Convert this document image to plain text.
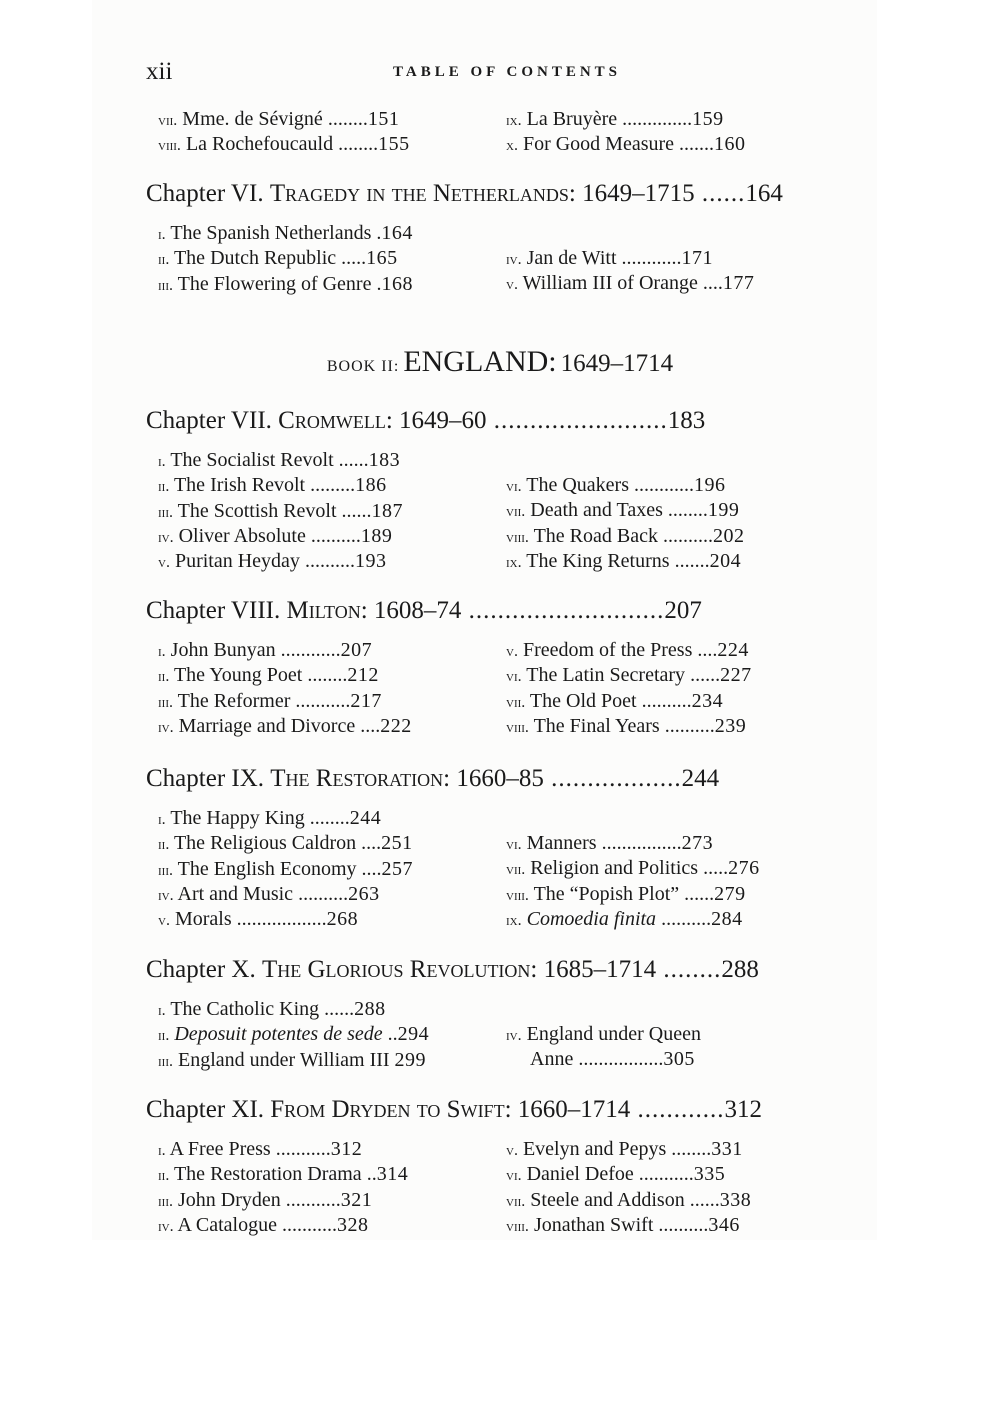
xii	TABLE OF CONTENTS
vii. Mme. de Sévigné ........151
viii. La Rochefoucauld ........155
ix. La Bruyère ..............159
x. For Good Measure .......160
Chapter VI. Tragedy in the Netherlands: 1649–1715 ......164
i. The Spanish Netherlands .164
ii. The Dutch Republic .....165
iii. The Flowering of Genre .168
iv. Jan de Witt ............171
v. William III of Orange ....177
BOOK II: ENGLAND: 1649–1714
Chapter VII. Cromwell: 1649–60 ........................183
i. The Socialist Revolt ......183
ii. The Irish Revolt .........186
iii. The Scottish Revolt ......187
iv. Oliver Absolute ..........189
v. Puritan Heyday ..........193
vi. The Quakers ............196
vii. Death and Taxes ........199
viii. The Road Back ..........202
ix. The King Returns .......204
Chapter VIII. Milton: 1608–74 ...........................207
i. John Bunyan ............207
ii. The Young Poet ........212
iii. The Reformer ...........217
iv. Marriage and Divorce ....222
v. Freedom of the Press ....224
vi. The Latin Secretary ......227
vii. The Old Poet ..........234
viii. The Final Years ..........239
Chapter IX. The Restoration: 1660–85 ..................244
i. The Happy King ........244
ii. The Religious Caldron ....251
iii. The English Economy ....257
iv. Art and Music ..........263
v. Morals ..................268
vi. Manners ................273
vii. Religion and Politics .....276
viii. The “Popish Plot” ......279
ix. Comoedia finita ..........284
Chapter X. The Glorious Revolution: 1685–1714 ........288
i. The Catholic King ......288
ii. Deposuit potentes de sede ..294
iii. England under William III 299
iv. England under Queen
Anne .................305
Chapter XI. From Dryden to Swift: 1660–1714 ............312
i. A Free Press ...........312
ii. The Restoration Drama ..314
iii. John Dryden ...........321
iv. A Catalogue ...........328
v. Evelyn and Pepys ........331
vi. Daniel Defoe ...........335
vii. Steele and Addison ......338
viii. Jonathan Swift ..........346
